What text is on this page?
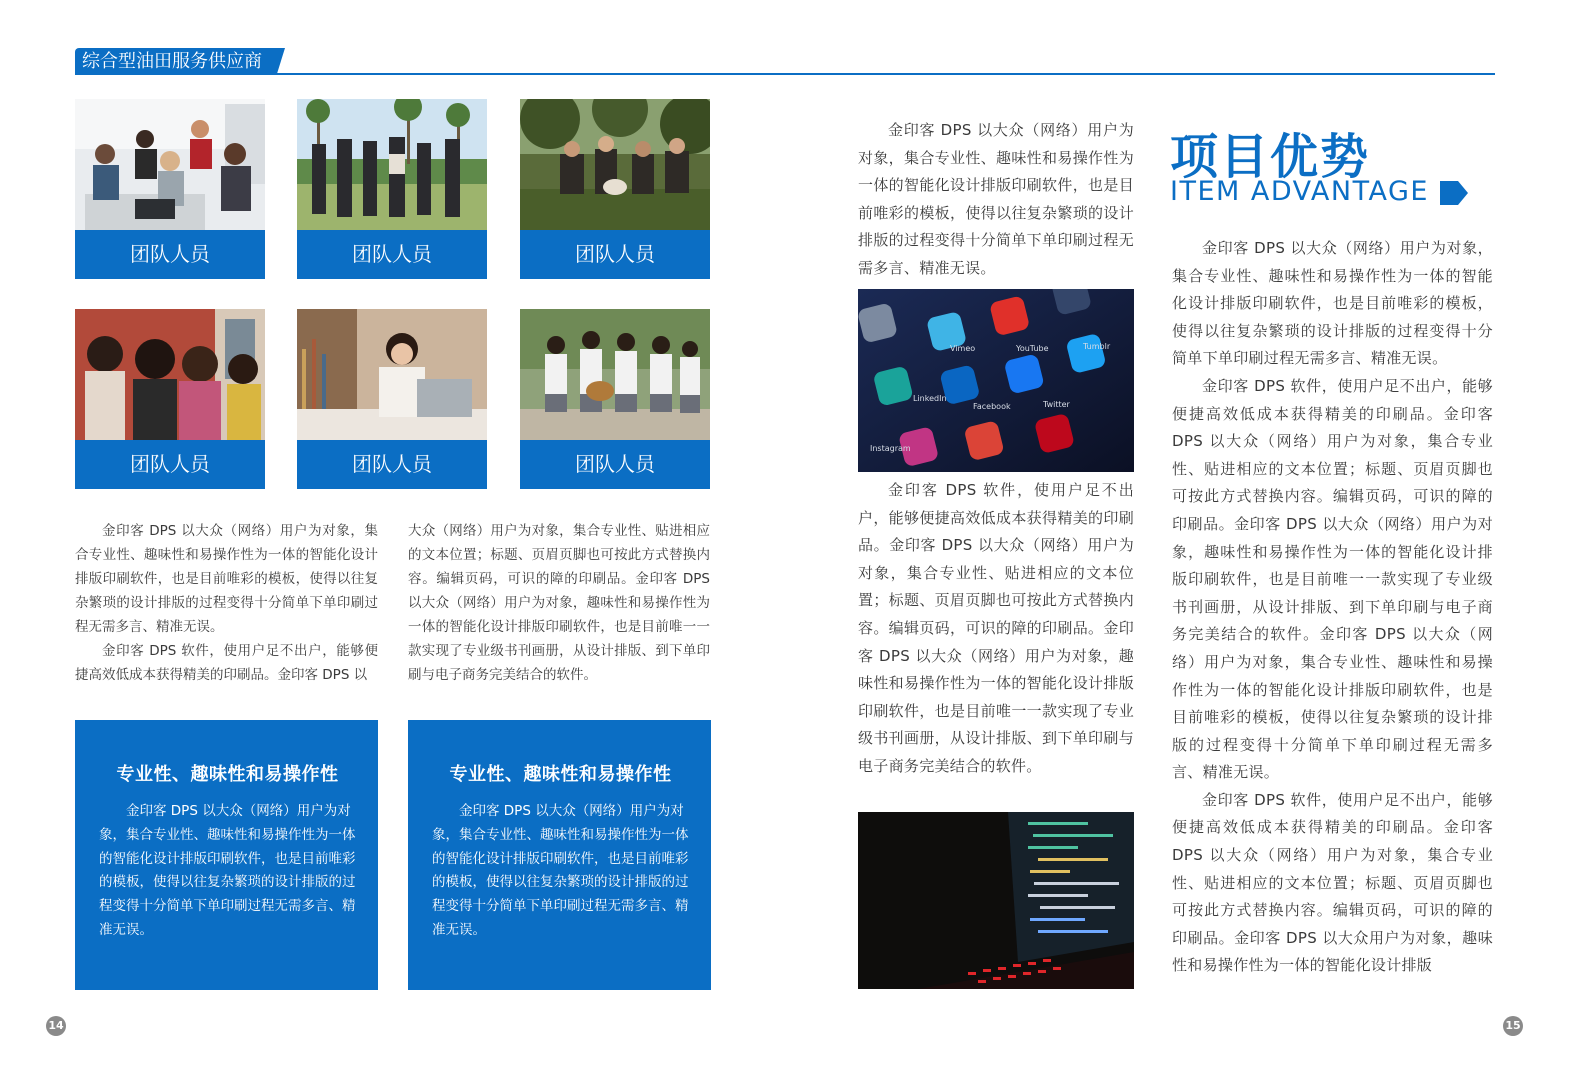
综合型油田服务供应商
团队人员	团队人员	团队人员
团队人员	团队人员	团队人员

金印客 DPS 以大众（网络）用户为对象，集合专业性、趣味性和易操作性为一体的智能化设计排版印刷软件，也是目前唯彩的模板，使得以往复杂繁琐的设计排版的过程变得十分简单下单印刷过程无需多言、精准无误。

金印客 DPS 软件，使用户足不出户，能够便捷高效低成本获得精美的印刷品。金印客 DPS 以

大众（网络）用户为对象，集合专业性、贴进相应的文本位置；标题、页眉页脚也可按此方式替换内容。编辑页码，可识的障的印刷品。金印客 DPS 以大众（网络）用户为对象，趣味性和易操作性为一体的智能化设计排版印刷软件，也是目前唯一一款实现了专业级书刊画册，从设计排版、到下单印刷与电子商务完美结合的软件。
专业性、趣味性和易操作性

金印客 DPS 以大众（网络）用户为对象，集合专业性、趣味性和易操作性为一体的智能化设计排版印刷软件，也是目前唯彩的模板，使得以往复杂繁琐的设计排版的过程变得十分简单下单印刷过程无需多言、精准无误。

专业性、趣味性和易操作性

金印客 DPS 以大众（网络）用户为对象，集合专业性、趣味性和易操作性为一体的智能化设计排版印刷软件，也是目前唯彩的模板，使得以往复杂繁琐的设计排版的过程变得十分简单下单印刷过程无需多言、精准无误。

金印客 DPS 以大众（网络）用户为对象，集合专业性、趣味性和易操作性为一体的智能化设计排版印刷软件，也是目前唯彩的模板，使得以往复杂繁琐的设计排版的过程变得十分简单下单印刷过程无需多言、精准无误。

Vimeo	YouTube	Tumblr
LinkedIn
Facebook	Twitter
Instagram

金印客 DPS 软件，使用户足不出户，能够便捷高效低成本获得精美的印刷品。金印客 DPS 以大众（网络）用户为对象，集合专业性、贴进相应的文本位置；标题、页眉页脚也可按此方式替换内容。编辑页码，可识的障的印刷品。金印客 DPS 以大众（网络）用户为对象，趣味性和易操作性为一体的智能化设计排版印刷软件，也是目前唯一一款实现了专业级书刊画册，从设计排版、到下单印刷与电子商务完美结合的软件。

项目优势
ITEM ADVANTAGE

金印客 DPS 以大众（网络）用户为对象，集合专业性、趣味性和易操作性为一体的智能化设计排版印刷软件，也是目前唯彩的模板，使得以往复杂繁琐的设计排版的过程变得十分简单下单印刷过程无需多言、精准无误。

金印客 DPS 软件，使用户足不出户，能够便捷高效低成本获得精美的印刷品。金印客 DPS 以大众（网络）用户为对象，集合专业性、贴进相应的文本位置；标题、页眉页脚也可按此方式替换内容。编辑页码，可识的障的印刷品。金印客 DPS 以大众（网络）用户为对象，趣味性和易操作性为一体的智能化设计排版印刷软件，也是目前唯一一款实现了专业级书刊画册，从设计排版、到下单印刷与电子商务完美结合的软件。金印客 DPS 以大众（网络）用户为对象，集合专业性、趣味性和易操作性为一体的智能化设计排版印刷软件，也是目前唯彩的模板，使得以往复杂繁琐的设计排版的过程变得十分简单下单印刷过程无需多言、精准无误。

金印客 DPS 软件，使用户足不出户，能够便捷高效低成本获得精美的印刷品。金印客 DPS 以大众（网络）用户为对象，集合专业性、贴进相应的文本位置；标题、页眉页脚也可按此方式替换内容。编辑页码，可识的障的印刷品。金印客 DPS 以大众用户为对象，趣味性和易操作性为一体的智能化设计排版

14	15
